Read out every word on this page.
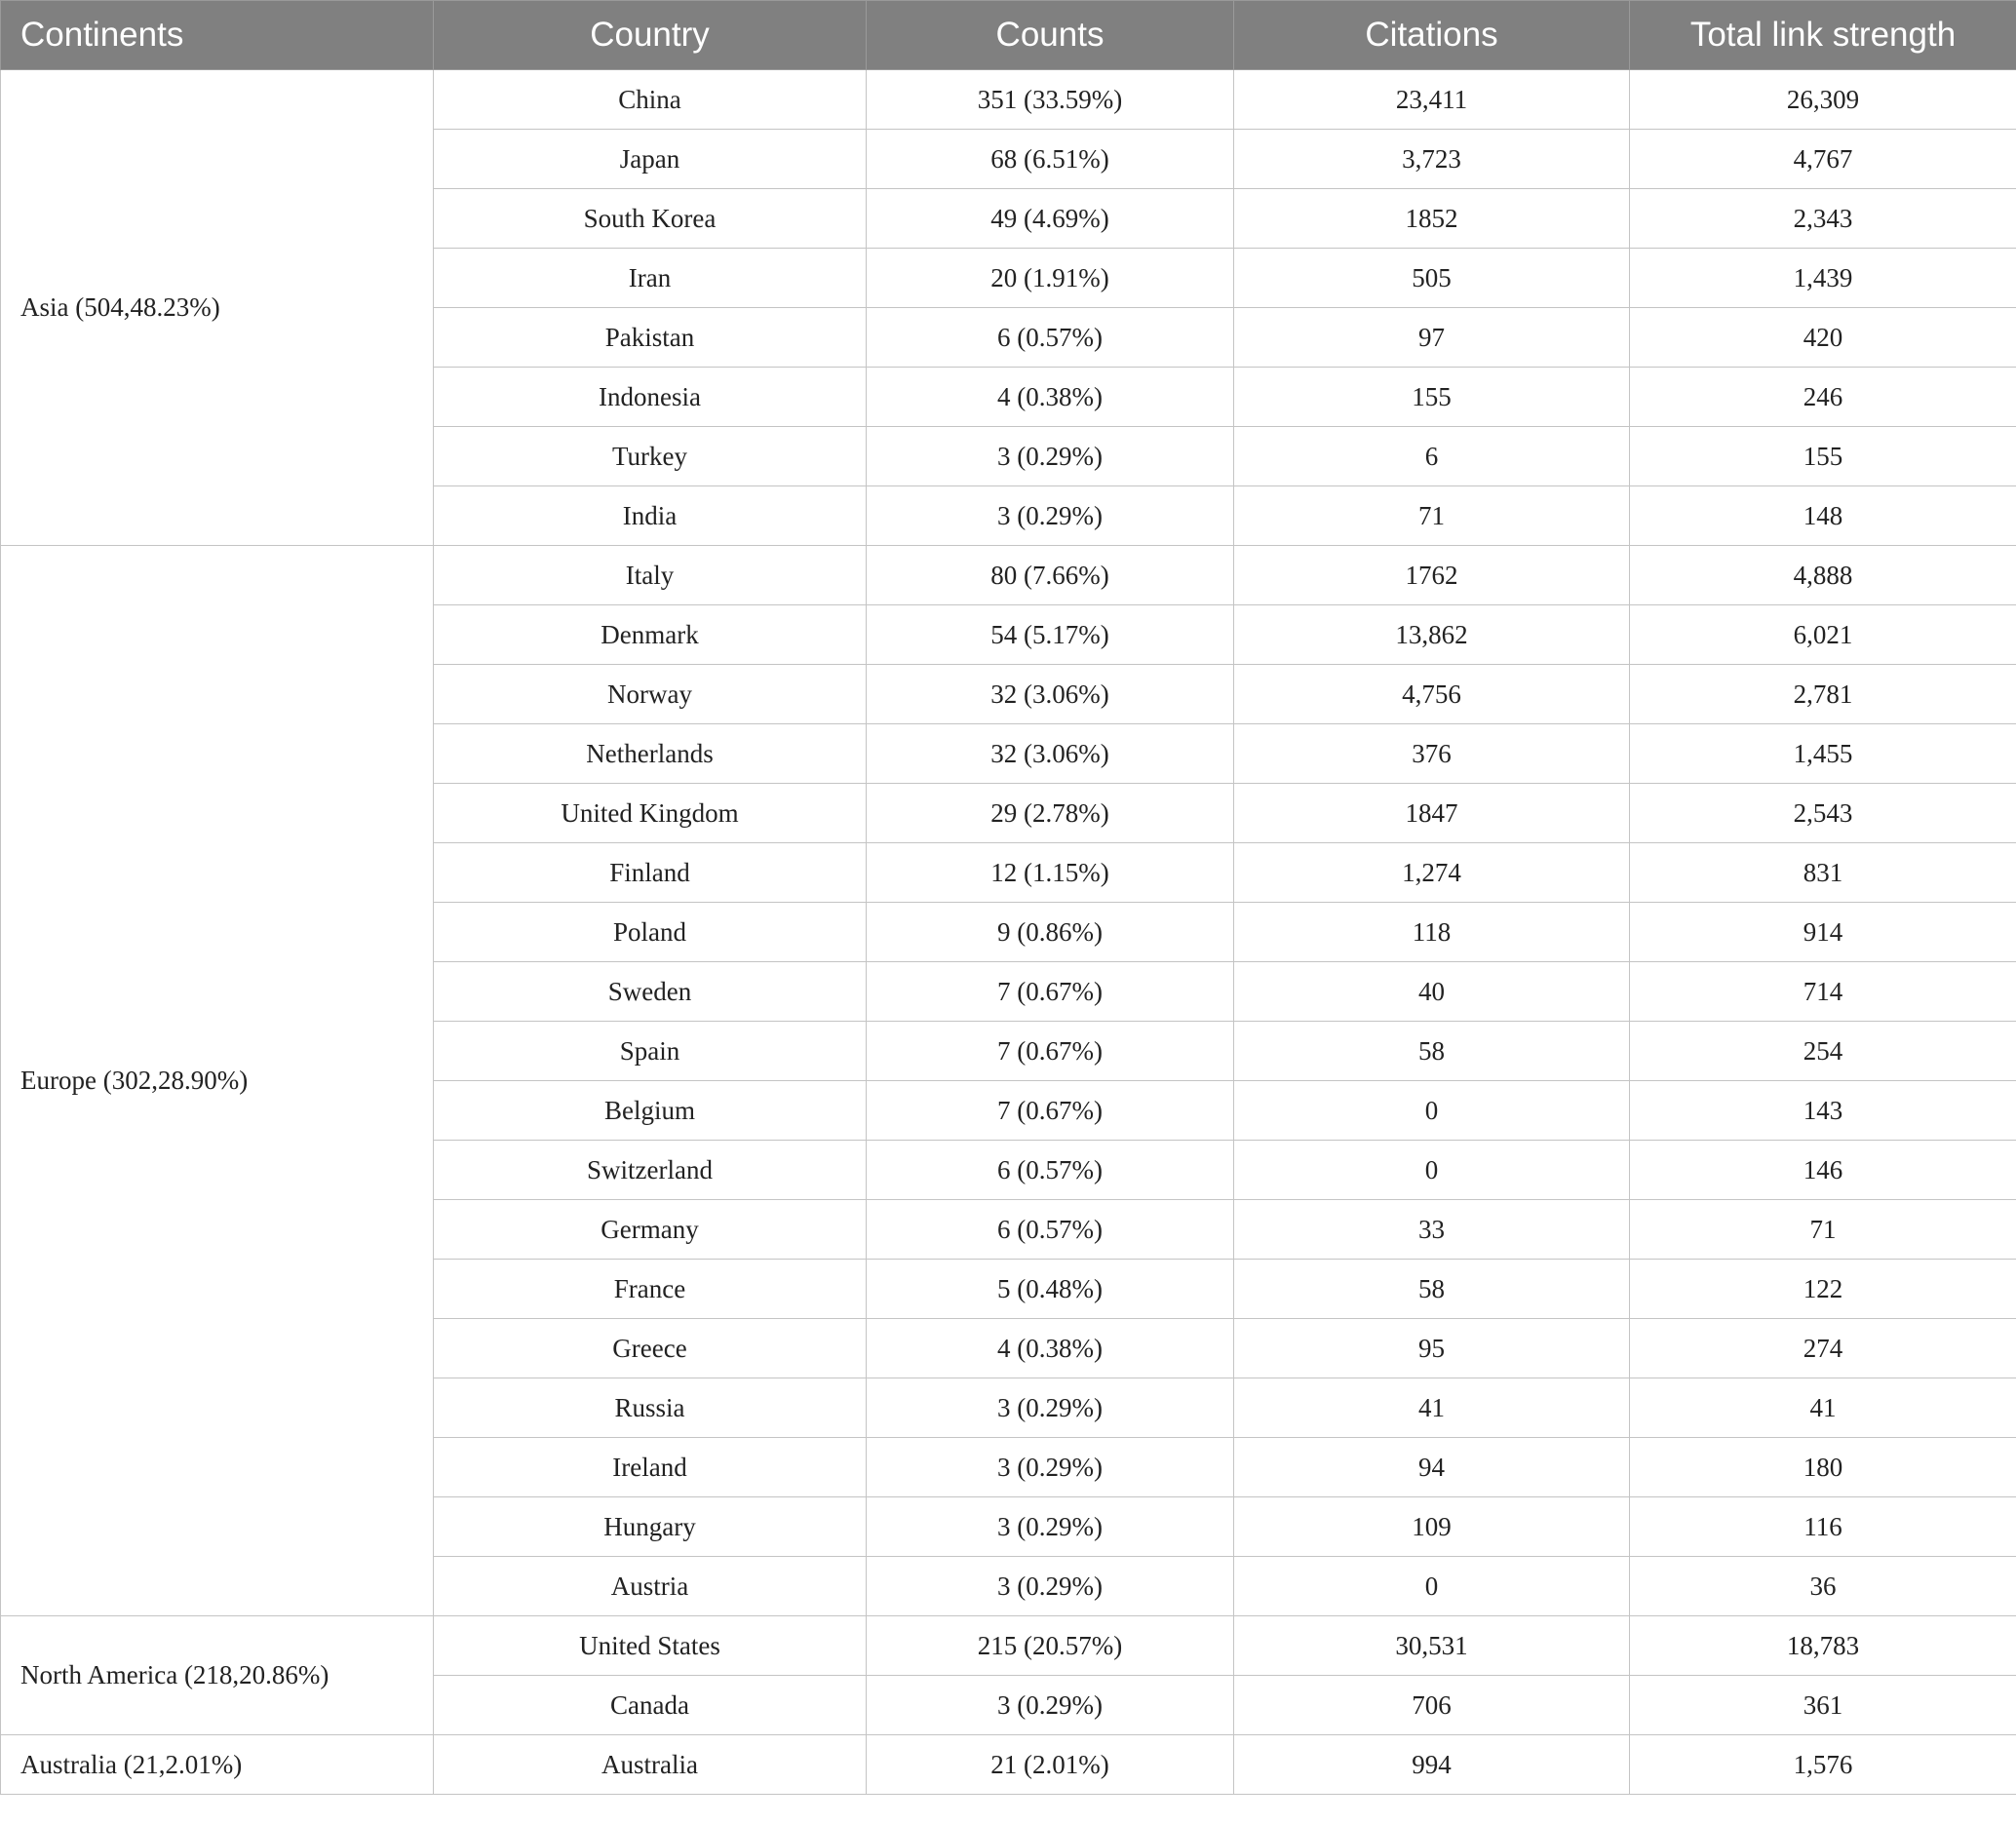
Continents	Country	Counts	Citations	Total link strength
Asia (504,48.23%)	China	351 (33.59%)	23,411	26,309
	Japan	68 (6.51%)	3,723	4,767
	South Korea	49 (4.69%)	1852	2,343
	Iran	20 (1.91%)	505	1,439
	Pakistan	6 (0.57%)	97	420
	Indonesia	4 (0.38%)	155	246
	Turkey	3 (0.29%)	6	155
	India	3 (0.29%)	71	148
Europe (302,28.90%)	Italy	80 (7.66%)	1762	4,888
	Denmark	54 (5.17%)	13,862	6,021
	Norway	32 (3.06%)	4,756	2,781
	Netherlands	32 (3.06%)	376	1,455
	United Kingdom	29 (2.78%)	1847	2,543
	Finland	12 (1.15%)	1,274	831
	Poland	9 (0.86%)	118	914
	Sweden	7 (0.67%)	40	714
	Spain	7 (0.67%)	58	254
	Belgium	7 (0.67%)	0	143
	Switzerland	6 (0.57%)	0	146
	Germany	6 (0.57%)	33	71
	France	5 (0.48%)	58	122
	Greece	4 (0.38%)	95	274
	Russia	3 (0.29%)	41	41
	Ireland	3 (0.29%)	94	180
	Hungary	3 (0.29%)	109	116
	Austria	3 (0.29%)	0	36
North America (218,20.86%)	United States	215 (20.57%)	30,531	18,783
	Canada	3 (0.29%)	706	361
Australia (21,2.01%)	Australia	21 (2.01%)	994	1,576
